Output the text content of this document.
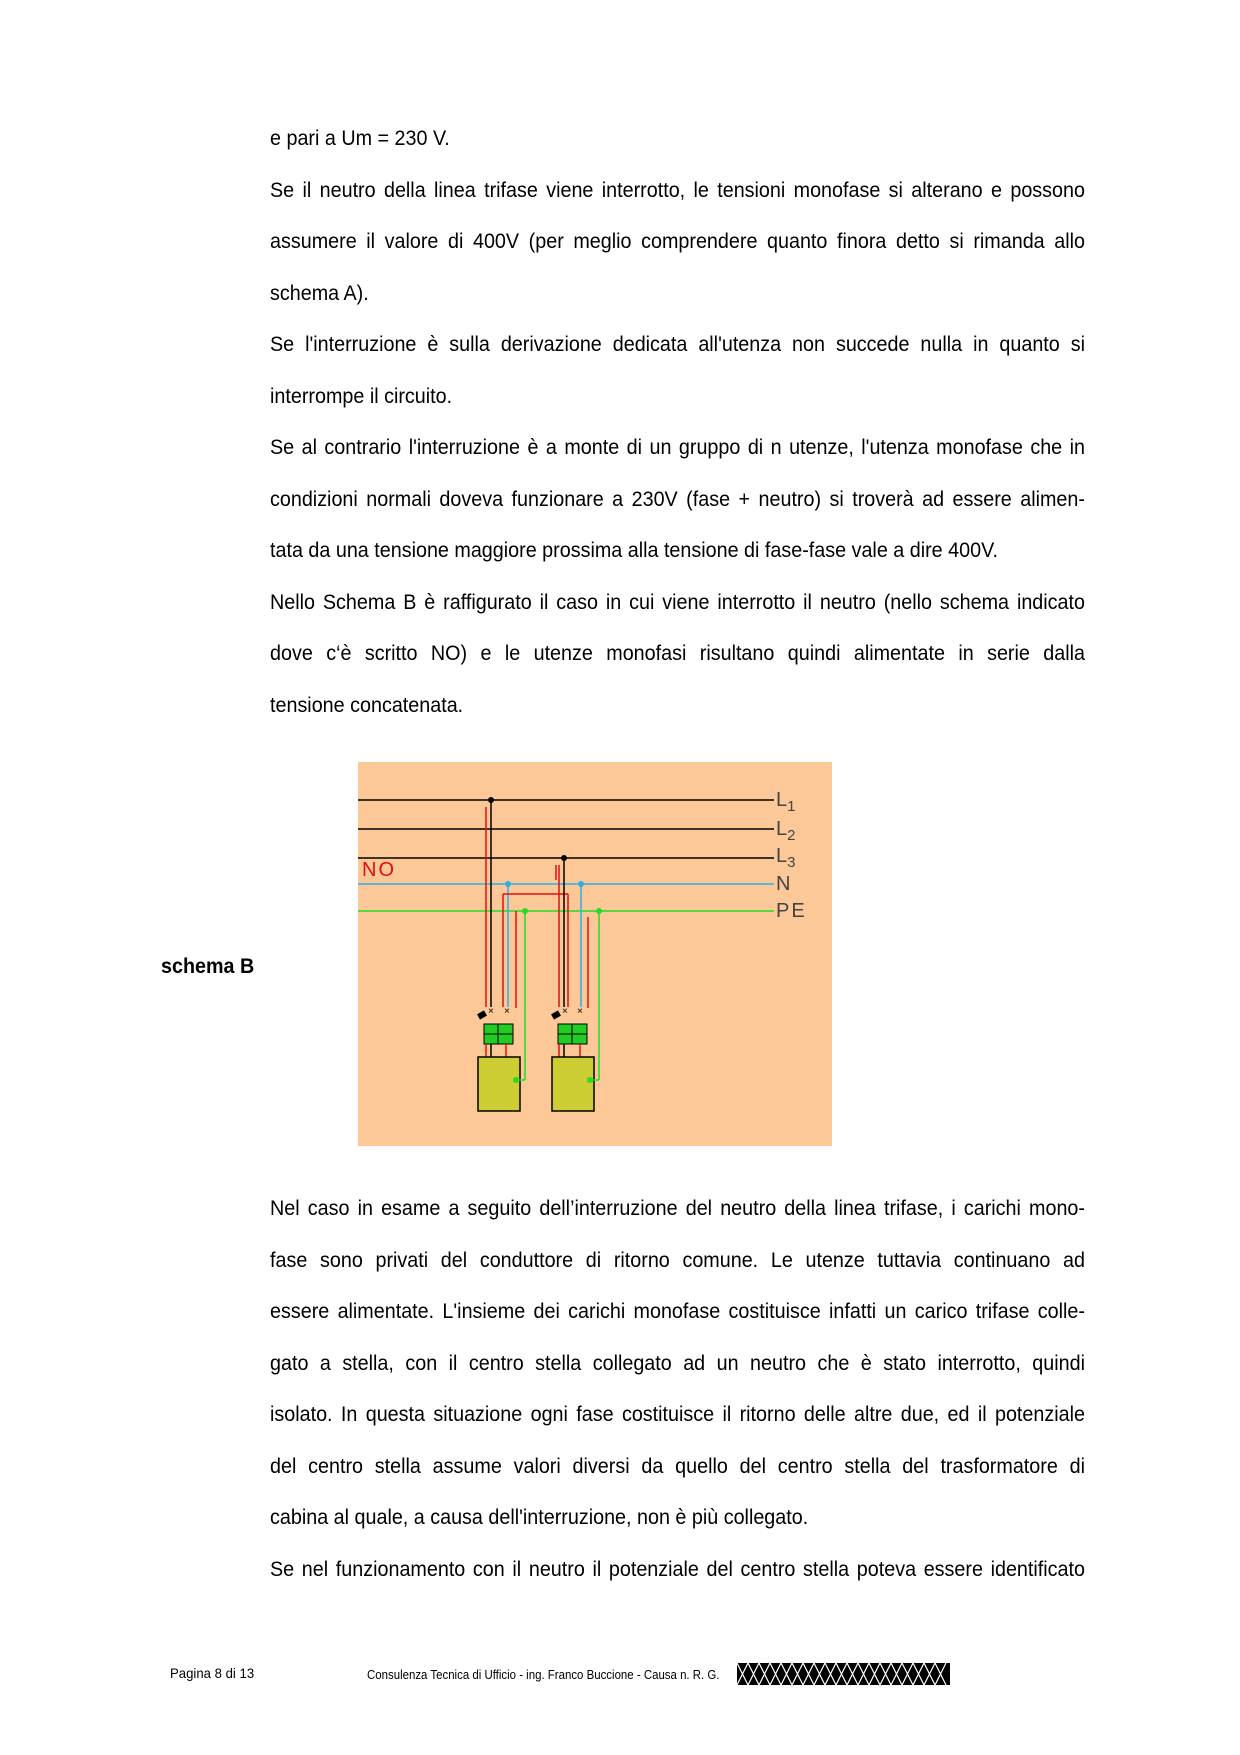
e pari a Um = 230 V.
Se il neutro della linea trifase viene interrotto, le tensioni monofase si alterano e possono
assumere il valore di 400V (per meglio comprendere quanto finora detto si rimanda allo
schema A).
Se l'interruzione è sulla derivazione dedicata all'utenza non succede nulla in quanto si
interrompe il circuito.
Se al contrario l'interruzione è a monte di un gruppo di n utenze, l'utenza monofase che in
condizioni normali doveva funzionare a 230V (fase + neutro) si troverà ad essere alimen-
tata da una tensione maggiore prossima alla tensione di fase-fase vale a dire 400V.
Nello Schema B è raffigurato il caso in cui viene interrotto il neutro (nello schema indicato
dove c‘è scritto NO) e le utenze monofasi risultano quindi alimentate in serie dalla
tensione concatenata.
schema B
$L_1$
$L_2$
$L_3$
N
PE
NO
× ×	× ×
Nel caso in esame a seguito dell’interruzione del neutro della linea trifase, i carichi mono-
fase sono privati del conduttore di ritorno comune. Le utenze tuttavia continuano ad
essere alimentate. L'insieme dei carichi monofase costituisce infatti un carico trifase colle-
gato a stella, con il centro stella collegato ad un neutro che è stato interrotto, quindi
isolato. In questa situazione ogni fase costituisce il ritorno delle altre due, ed il potenziale
del centro stella assume valori diversi da quello del centro stella del trasformatore di
cabina al quale, a causa dell'interruzione, non è più collegato.
Se nel funzionamento con il neutro il potenziale del centro stella poteva essere identificato
Pagina 8 di 13	Consulenza Tecnica di Ufficio - ing. Franco Buccione - Causa n. R. G.
